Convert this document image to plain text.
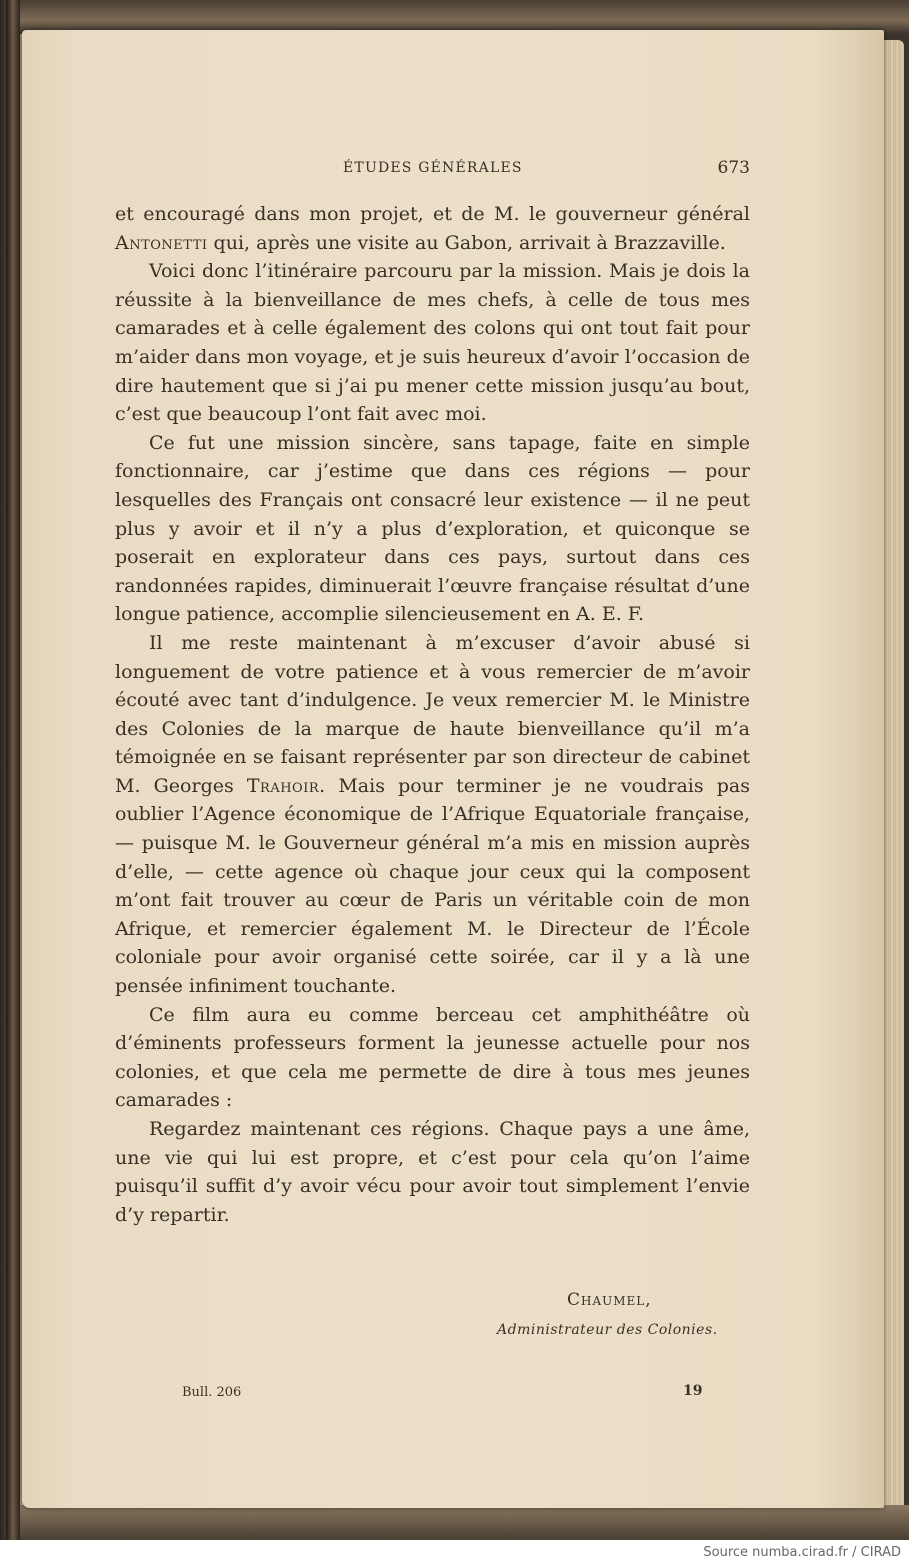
ÉTUDES GÉNÉRALES	673

et encouragé dans mon projet, et de M. le gouverneur général Antonetti qui, après une visite au Gabon, arrivait à Brazzaville.

Voici donc l’itinéraire parcouru par la mission. Mais je dois la réussite à la bienveillance de mes chefs, à celle de tous mes camarades et à celle également des colons qui ont tout fait pour m’aider dans mon voyage, et je suis heureux d’avoir l’occasion de dire hautement que si j’ai pu mener cette mission jusqu’au bout, c’est que beaucoup l’ont fait avec moi.

Ce fut une mission sincère, sans tapage, faite en simple fonctionnaire, car j’estime que dans ces régions — pour lesquelles des Français ont consacré leur existence — il ne peut plus y avoir et il n’y a plus d’exploration, et quiconque se poserait en explorateur dans ces pays, surtout dans ces randonnées rapides, diminuerait l’œuvre française résultat d’une longue patience, accomplie silencieusement en A. E. F.

Il me reste maintenant à m’excuser d’avoir abusé si longuement de votre patience et à vous remercier de m’avoir écouté avec tant d’indulgence. Je veux remercier M. le Ministre des Colonies de la marque de haute bienveillance qu’il m’a témoignée en se faisant représenter par son directeur de cabinet M. Georges Trahoir. Mais pour terminer je ne voudrais pas oublier l’Agence économique de l’Afrique Equatoriale française, — puisque M. le Gouverneur général m’a mis en mission auprès d’elle, — cette agence où chaque jour ceux qui la composent m’ont fait trouver au cœur de Paris un véritable coin de mon Afrique, et remercier également M. le Directeur de l’École coloniale pour avoir organisé cette soirée, car il y a là une pensée infiniment touchante.

Ce film aura eu comme berceau cet amphithéâtre où d’éminents professeurs forment la jeunesse actuelle pour nos colonies, et que cela me permette de dire à tous mes jeunes camarades :

Regardez maintenant ces régions. Chaque pays a une âme, une vie qui lui est propre, et c’est pour cela qu’on l’aime puisqu’il suffit d’y avoir vécu pour avoir tout simplement l’envie d’y repartir.

Chaumel,
Administrateur des Colonies.
Bull. 206	19
Source numba.cirad.fr / CIRAD
